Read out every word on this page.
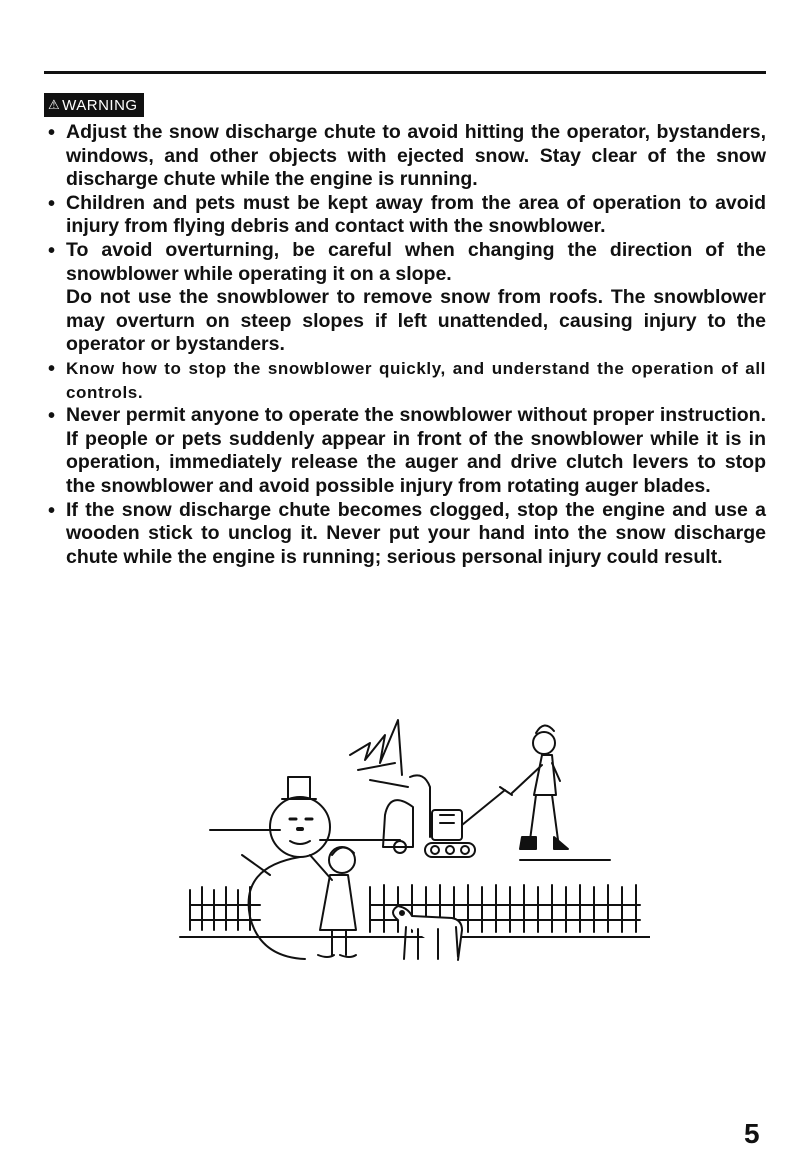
⚠ WARNING

• Adjust the snow discharge chute to avoid hitting the operator, bystanders, windows, and other objects with ejected snow. Stay clear of the snow discharge chute while the engine is running.

• Children and pets must be kept away from the area of operation to avoid injury from flying debris and contact with the snowblower.

• To avoid overturning, be careful when changing the direction of the snowblower while operating it on a slope.

Do not use the snowblower to remove snow from roofs. The snowblower may overturn on steep slopes if left unattended, causing injury to the operator or bystanders.

• Know how to stop the snowblower quickly, and understand the operation of all controls.

• Never permit anyone to operate the snowblower without proper instruction. If people or pets suddenly appear in front of the snowblower while it is in operation, immediately release the auger and drive clutch levers to stop the snowblower and avoid possible injury from rotating auger blades.

• If the snow discharge chute becomes clogged, stop the engine and use a wooden stick to unclog it. Never put your hand into the snow discharge chute while the engine is running; serious personal injury could result.

5
